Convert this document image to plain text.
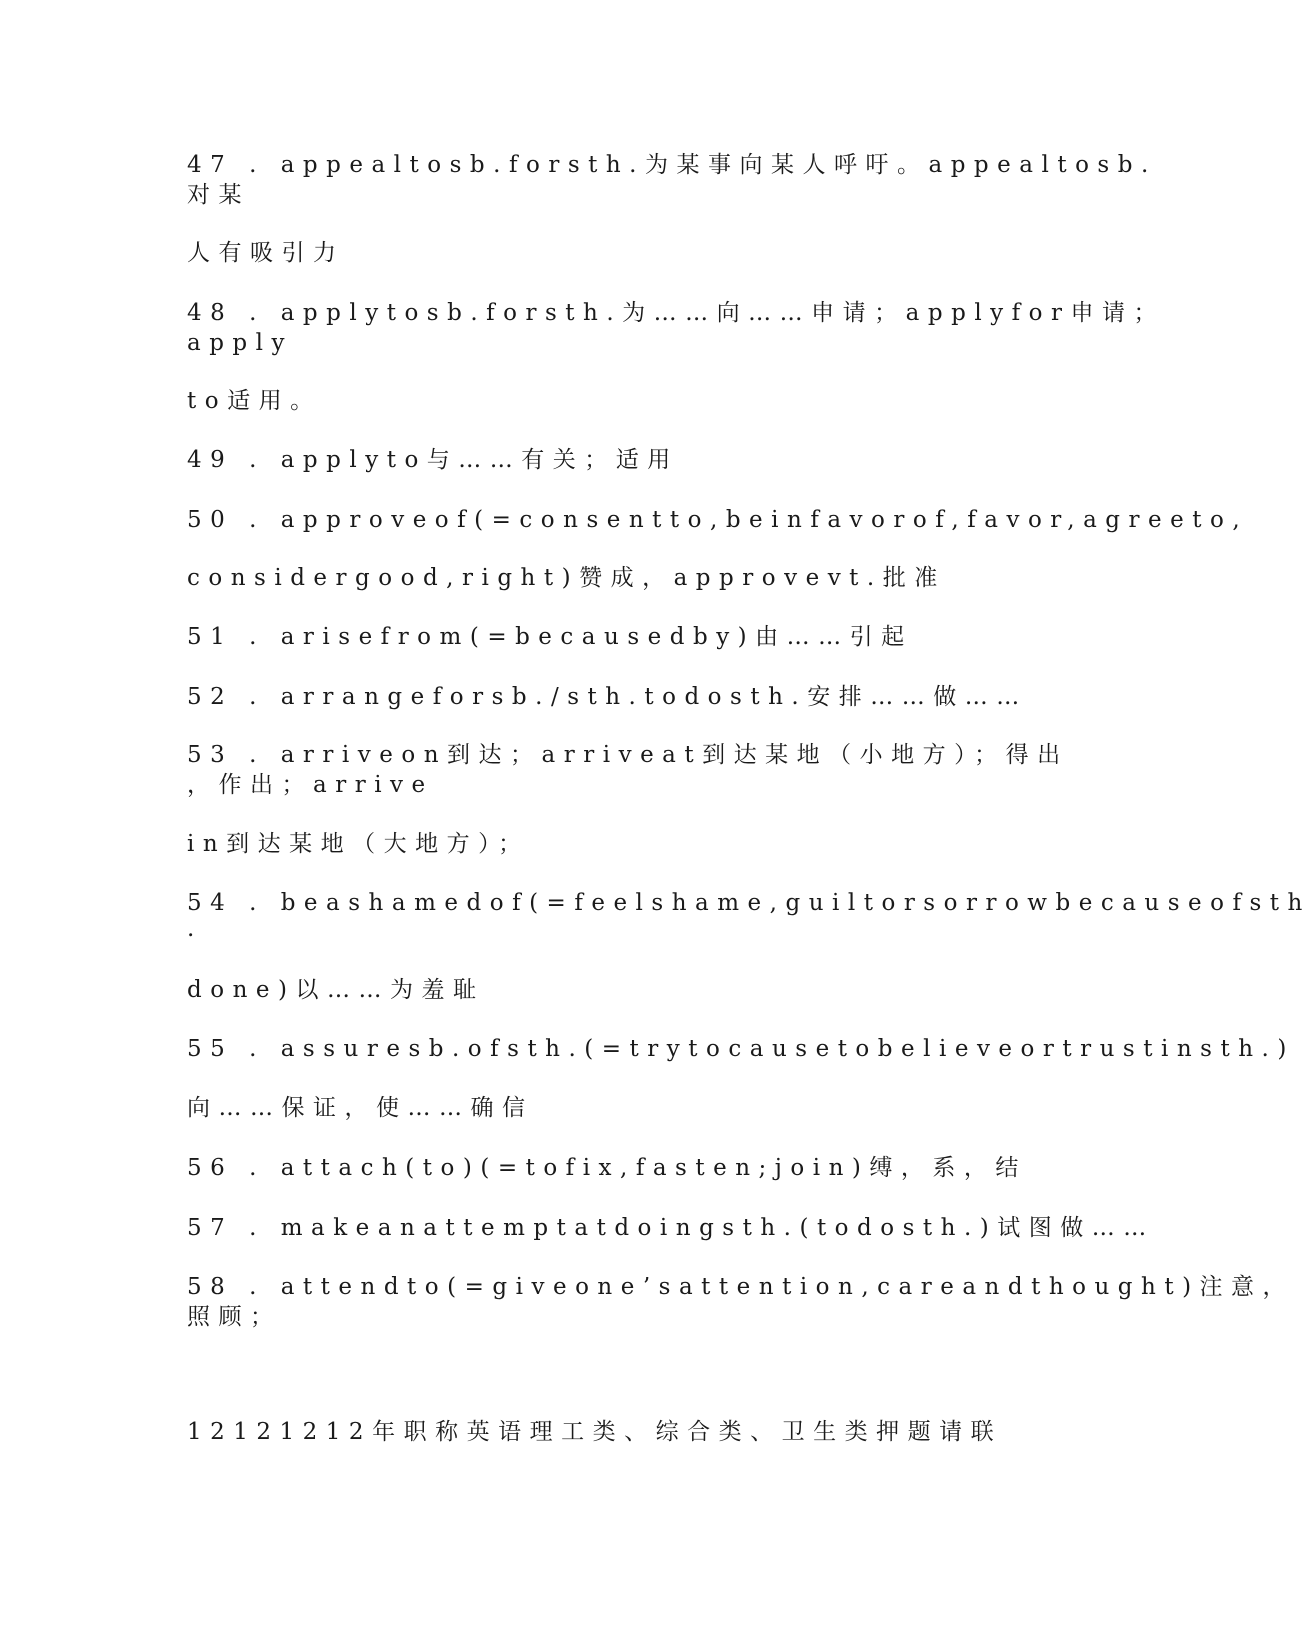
47 . appealtosb.forsth.为某事向某人呼吁。appealtosb.
对某
人有吸引力
48 . applytosb.forsth.为……向……申请；applyfor申请；
apply
to适用。
49 . applyto与……有关；适用
50 . approveof(=consentto,beinfavorof,favor,agreeto,
considergood,right)赞成，approvevt.批准
51 . arisefrom(=becausedby)由……引起
52 . arrangeforsb./sth.todosth.安排……做……
53 . arriveon到达；arriveat到达某地（小地方）；得出
，作出；arrive
in到达某地（大地方）；
54 . beashamedof(=feelshame,guiltorsorrowbecauseofsth
.
done)以……为羞耻
55 . assuresb.ofsth.(=trytocausetobelieveortrustinsth.)
向……保证，使……确信
56 . attach(to)(=tofix,fasten;join)缚，系，结
57 . makeanattemptatdoingsth.(todosth.)试图做……
58 . attendto(=giveone’sattention,careandthought)注意，
照顾；
12121212年职称英语理工类、综合类、卫生类押题请联
